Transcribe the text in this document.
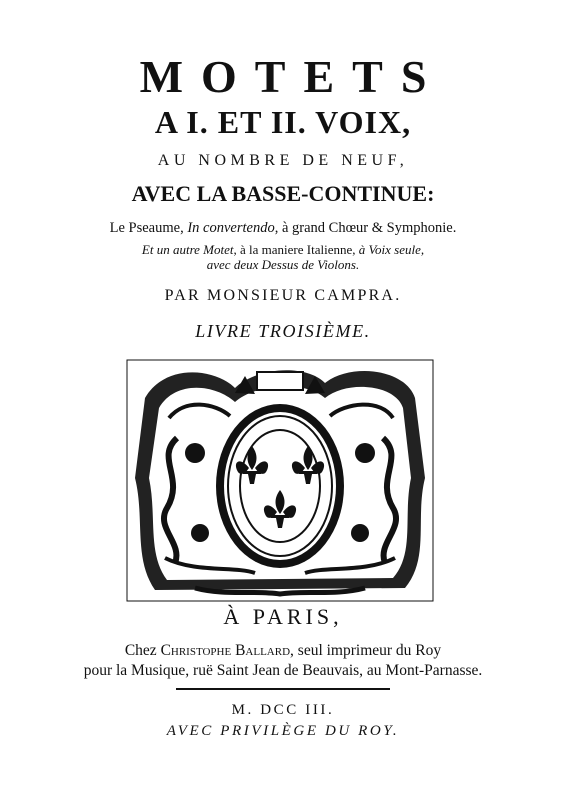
MOTETS
A I. ET II. VOIX,
AU NOMBRE DE NEUF,
AVEC LA BASSE-CONTINUE:
Le Pseaume, In convertendo, à grand Chœur & Symphonie.
Et un autre Motet, à la maniere Italienne, à Voix seule,
avec deux Dessus de Violons.
PAR MONSIEUR CAMPRA.
LIVRE TROISIÈME.
À PARIS,
Chez Christophe Ballard, seul imprimeur du Roy
pour la Musique, ruë Saint Jean de Beauvais, au Mont-Parnasse.
M. DCC III.
AVEC PRIVILÈGE DU ROY.
